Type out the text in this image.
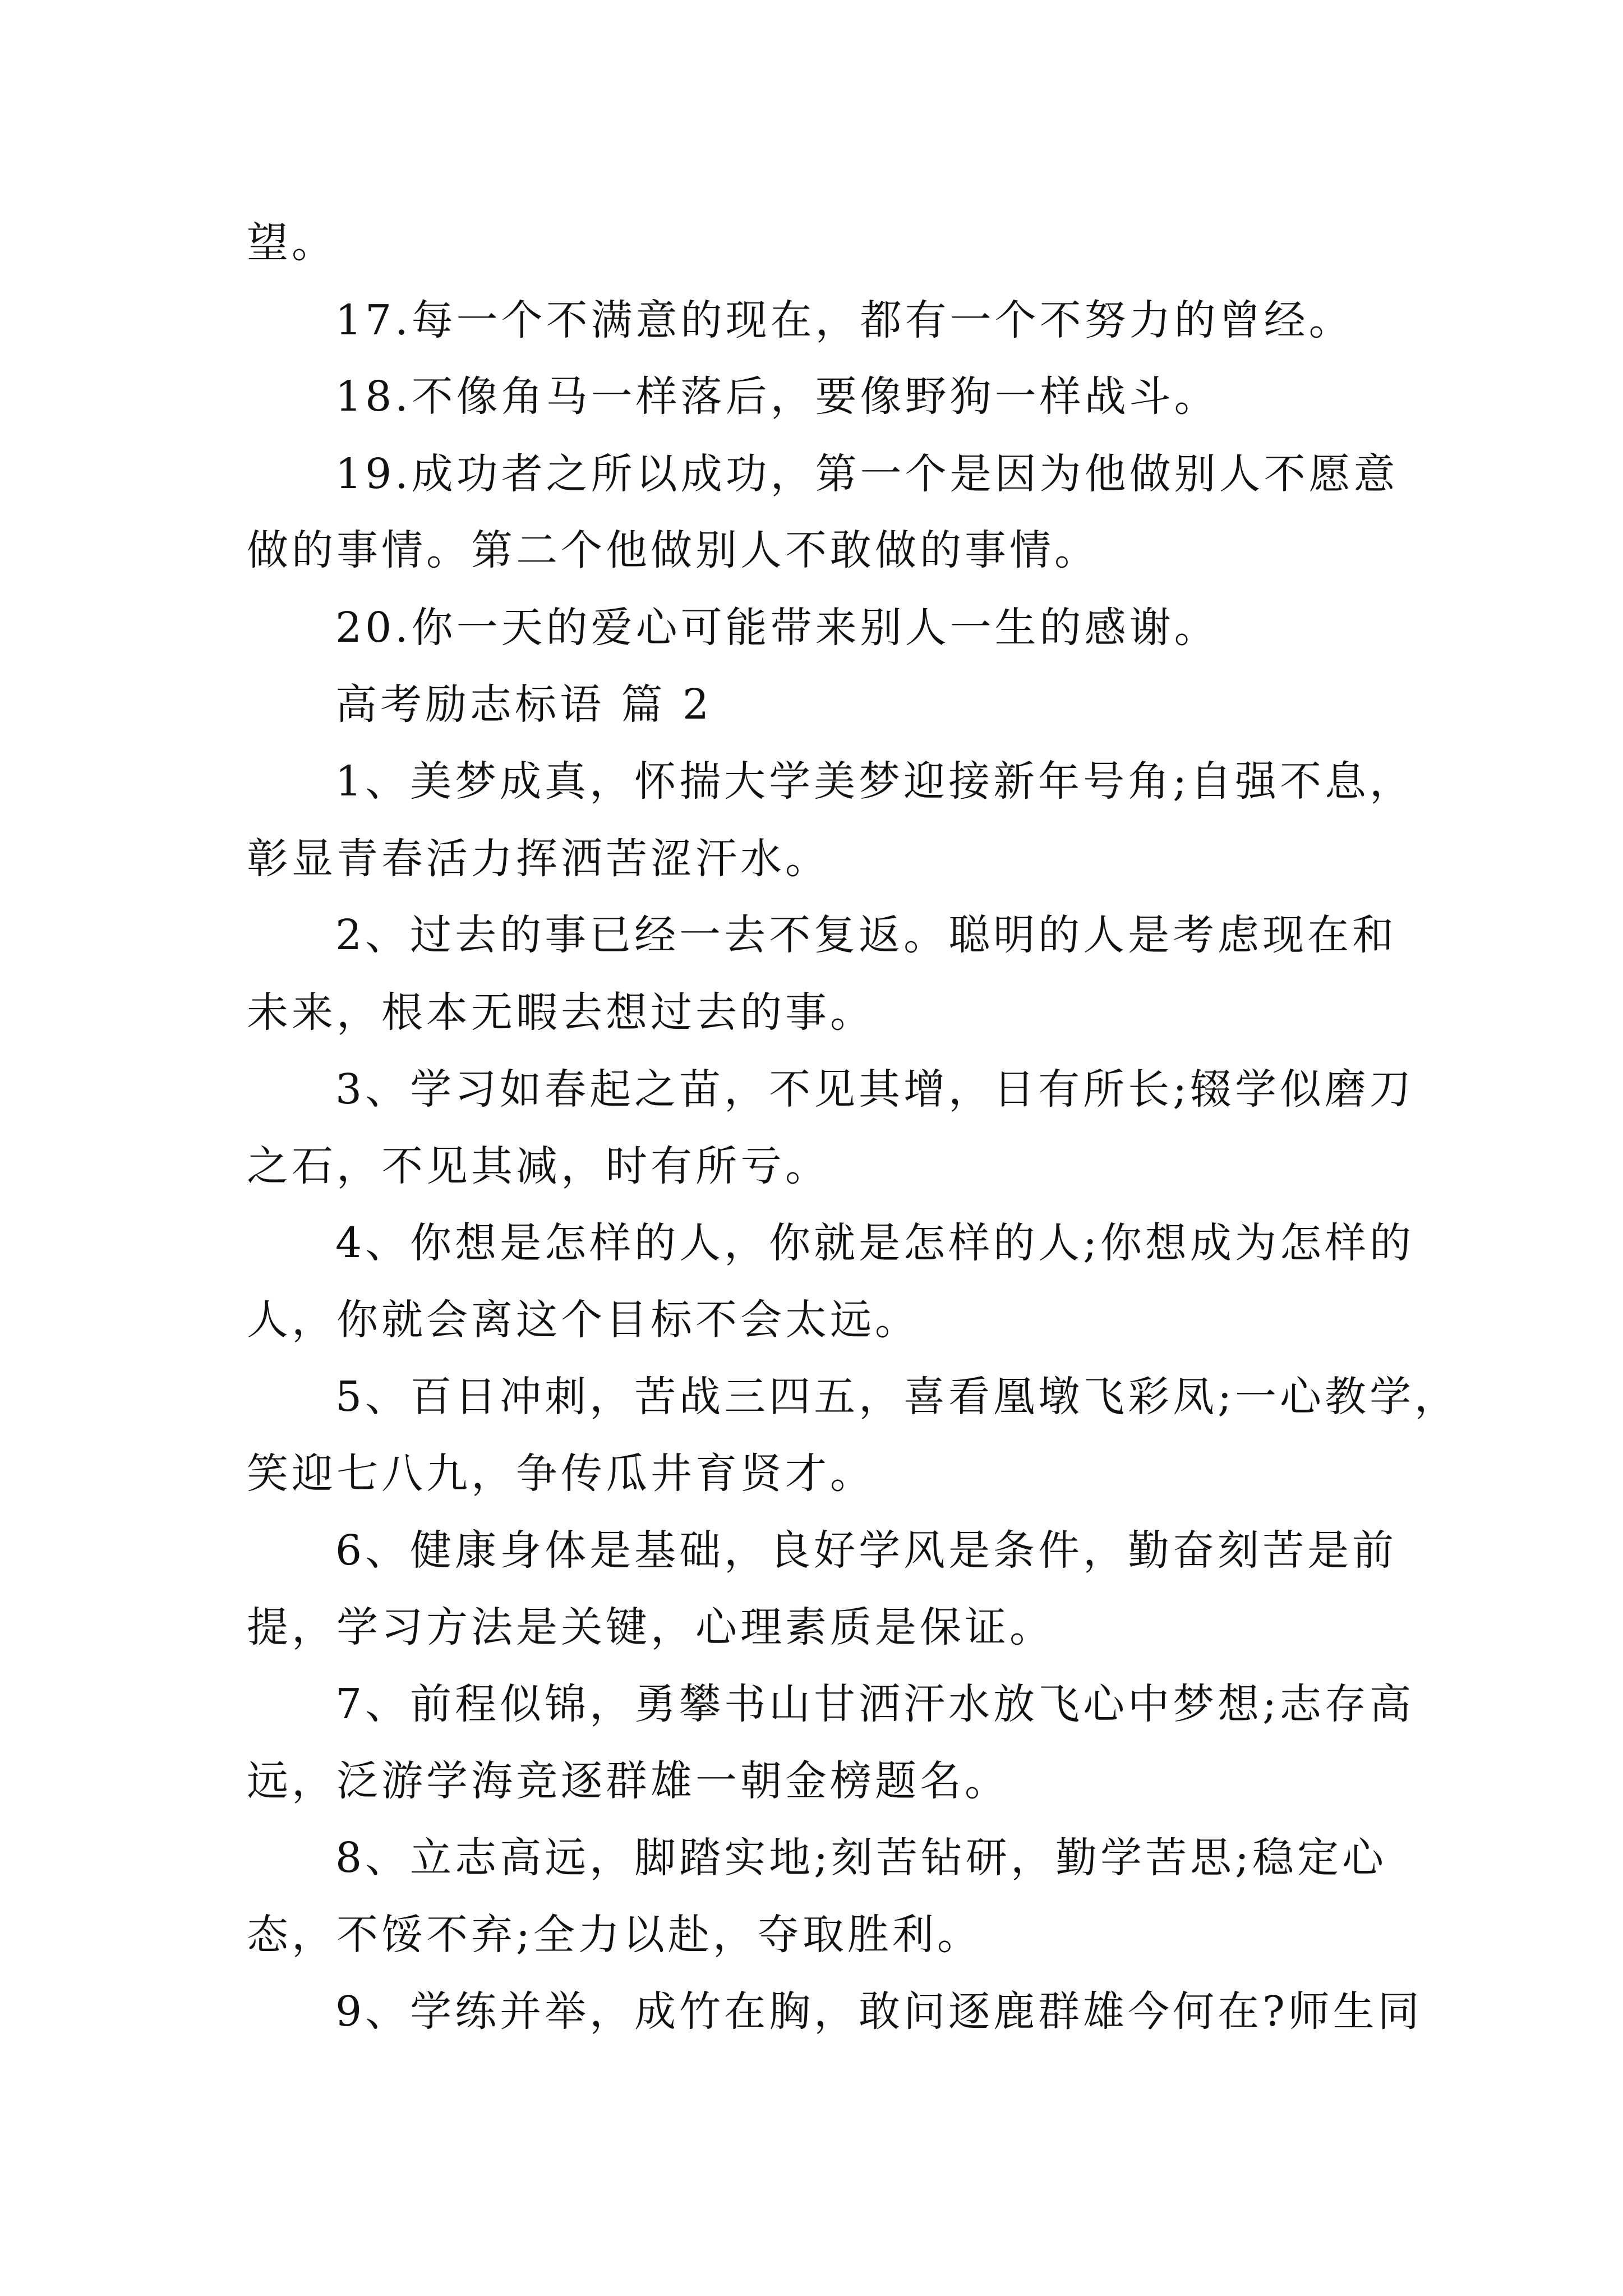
望。
17.每一个不满意的现在，都有一个不努力的曾经。
18.不像角马一样落后，要像野狗一样战斗。
19.成功者之所以成功，第一个是因为他做别人不愿意
做的事情。第二个他做别人不敢做的事情。
20.你一天的爱心可能带来别人一生的感谢。
高考励志标语 篇 2
1、美梦成真，怀揣大学美梦迎接新年号角;自强不息，
彰显青春活力挥洒苦涩汗水。
2、过去的事已经一去不复返。聪明的人是考虑现在和
未来，根本无暇去想过去的事。
3、学习如春起之苗，不见其增，日有所长;辍学似磨刀
之石，不见其减，时有所亏。
4、你想是怎样的人，你就是怎样的人;你想成为怎样的
人，你就会离这个目标不会太远。
5、百日冲刺，苦战三四五，喜看凰墩飞彩凤;一心教学，
笑迎七八九，争传瓜井育贤才。
6、健康身体是基础，良好学风是条件，勤奋刻苦是前
提，学习方法是关键，心理素质是保证。
7、前程似锦，勇攀书山甘洒汗水放飞心中梦想;志存高
远，泛游学海竞逐群雄一朝金榜题名。
8、立志高远，脚踏实地;刻苦钻研，勤学苦思;稳定心
态，不馁不弃;全力以赴，夺取胜利。
9、学练并举，成竹在胸，敢问逐鹿群雄今何在?师生同
